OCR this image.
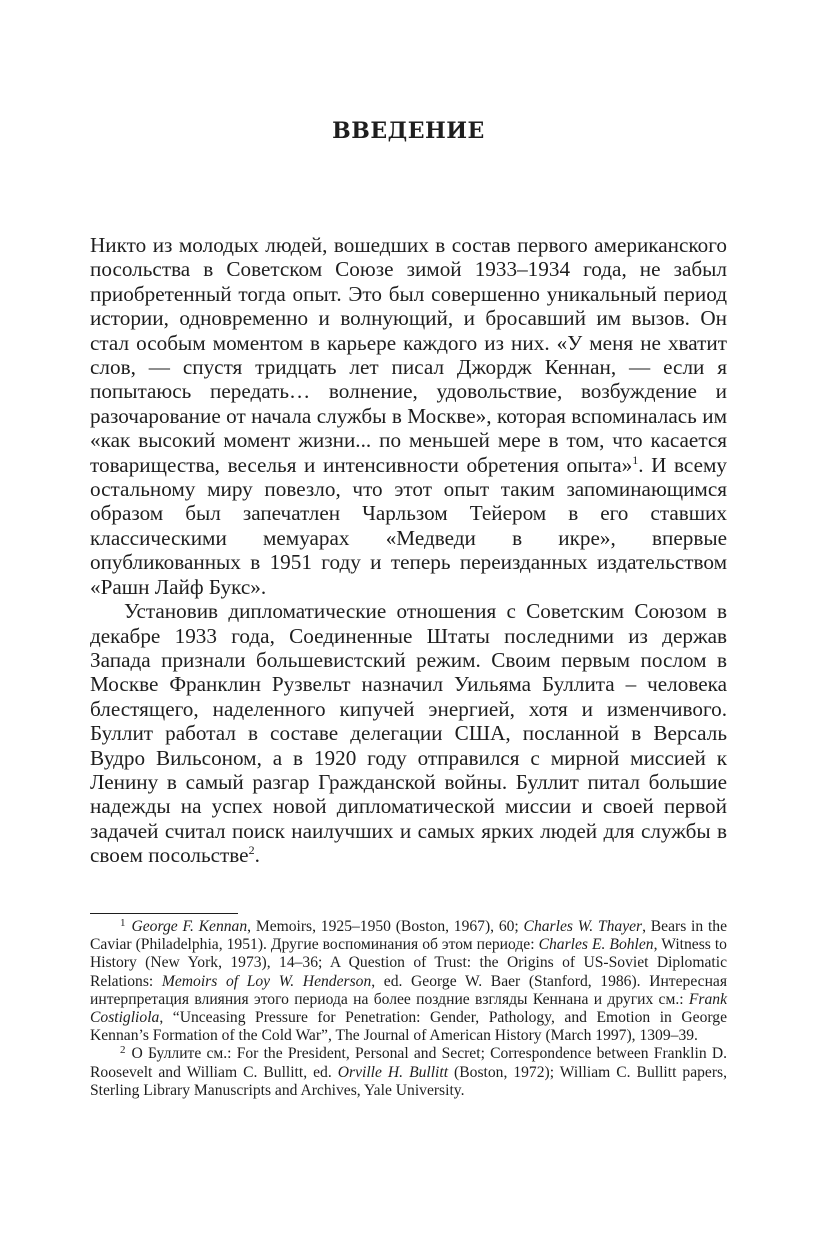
ВВЕДЕНИЕ

Никто из молодых людей, вошедших в состав первого американского посольства в Советском Союзе зимой 1933–1934 года, не забыл приобретенный тогда опыт. Это был совершенно уникальный период истории, одновременно и волнующий, и бросавший им вызов. Он стал особым моментом в карьере каждого из них. «У меня не хватит слов, — спустя тридцать лет писал Джордж Кеннан, — если я попытаюсь передать… волнение, удовольствие, возбуждение и разочарование от начала службы в Москве», которая вспоминалась им «как высокий момент жизни... по меньшей мере в том, что касается товарищества, веселья и интенсивности обретения опыта»$^1$. И всему остальному миру повезло, что этот опыт таким запоминающимся образом был запечатлен Чарльзом Тейером в его ставших классическими мемуарах «Медведи в икре», впервые опубликованных в 1951 году и теперь переизданных издательством «Рашн Лайф Букс».

Установив дипломатические отношения с Советским Союзом в декабре 1933 года, Соединенные Штаты последними из держав Запада признали большевистский режим. Своим первым послом в Москве Франклин Рузвельт назначил Уильяма Буллита – человека блестящего, наделенного кипучей энергией, хотя и изменчивого. Буллит работал в составе делегации США, посланной в Версаль Вудро Вильсоном, а в 1920 году отправился с мирной миссией к Ленину в самый разгар Гражданской войны. Буллит питал большие надежды на успех новой дипломатической миссии и своей первой задачей считал поиск наилучших и самых ярких людей для службы в своем посольстве$^2$.

$^1$ George F. Kennan, Memoirs, 1925–1950 (Boston, 1967), 60; Charles W. Thayer, Bears in the Caviar (Philadelphia, 1951). Другие воспоминания об этом периоде: Charles E. Bohlen, Witness to History (New York, 1973), 14–36; A Question of Trust: the Origins of US-Soviet Diplomatic Relations: Memoirs of Loy W. Henderson, ed. George W. Baer (Stanford, 1986). Интересная интерпретация влияния этого периода на более поздние взгляды Кеннана и других см.: Frank Costigliola, “Unceasing Pressure for Penetration: Gender, Pathology, and Emotion in George Kennan’s Formation of the Cold War”, The Journal of American History (March 1997), 1309–39.

$^2$ О Буллите см.: For the President, Personal and Secret; Correspondence between Franklin D. Roosevelt and William C. Bullitt, ed. Orville H. Bullitt (Boston, 1972); William C. Bullitt papers, Sterling Library Manuscripts and Archives, Yale University.
